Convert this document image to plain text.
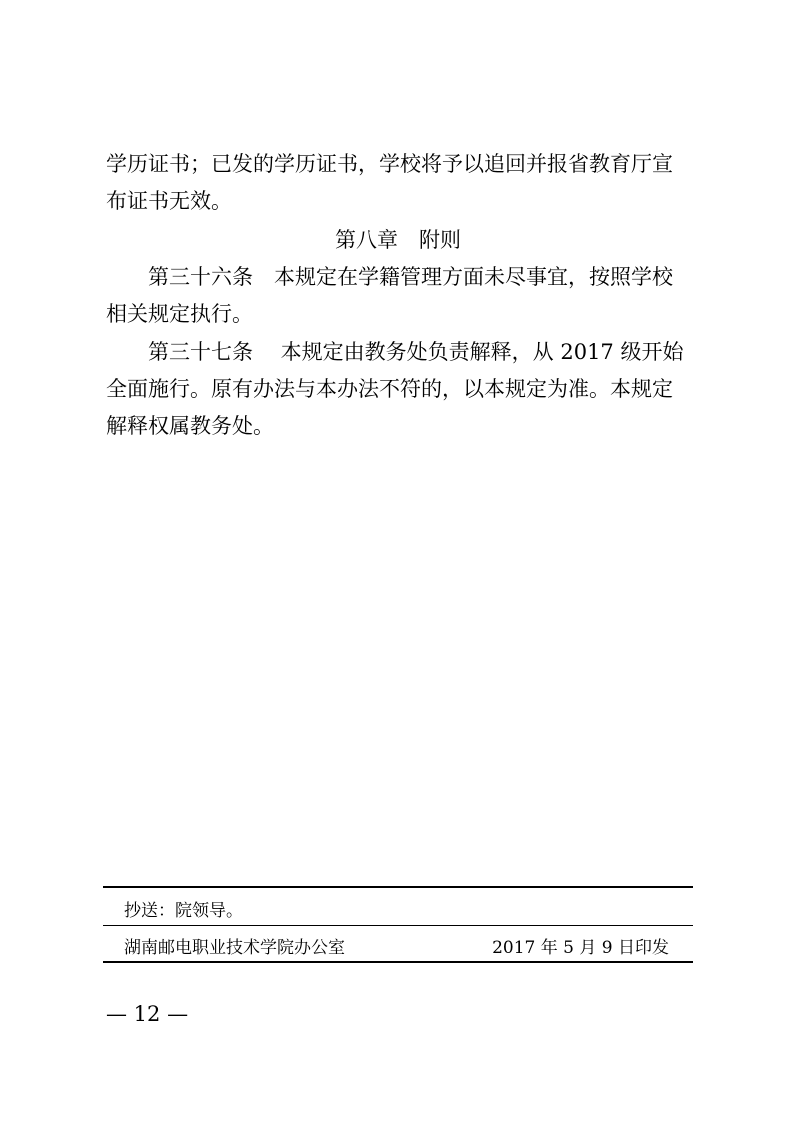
学历证书；已发的学历证书，学校将予以追回并报省教育厅宣布证书无效。

第八章　附则

第三十六条　本规定在学籍管理方面未尽事宜，按照学校相关规定执行。

第三十七条　 本规定由教务处负责解释，从 2017 级开始全面施行。原有办法与本办法不符的，以本规定为准。本规定解释权属教务处。

抄送：院领导。

湖南邮电职业技术学院办公室	2017 年 5 月 9 日印发

— 12 —
